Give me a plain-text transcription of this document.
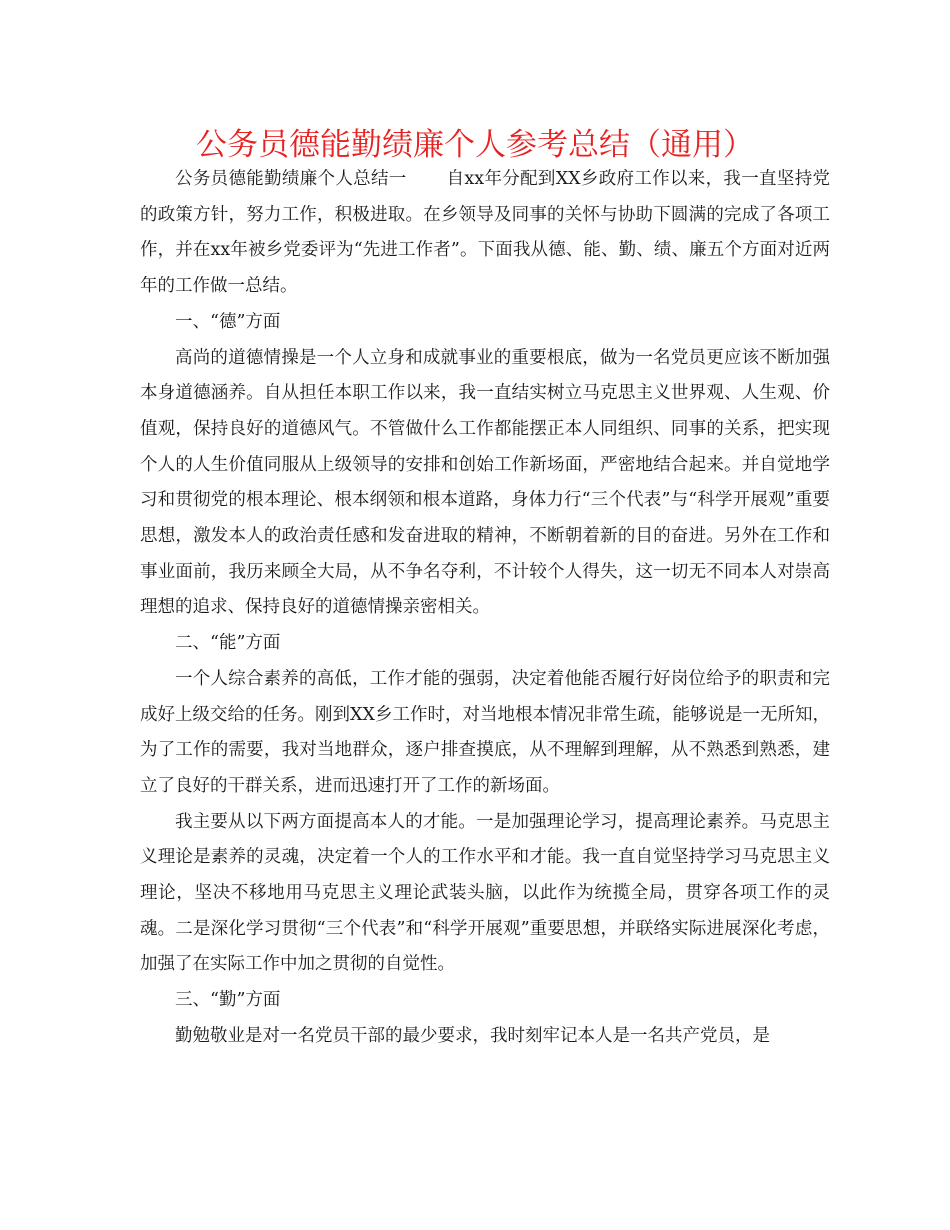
公务员德能勤绩廉个人参考总结（通用）

公务员德能勤绩廉个人总结一 自xx年分配到XX乡政府工作以来，我一直坚持党的政策方针，努力工作，积极进取。在乡领导及同事的关怀与协助下圆满的完成了各项工作，并在xx年被乡党委评为“先进工作者”。下面我从德、能、勤、绩、廉五个方面对近两年的工作做一总结。

一、“德”方面

高尚的道德情操是一个人立身和成就事业的重要根底，做为一名党员更应该不断加强本身道德涵养。自从担任本职工作以来，我一直结实树立马克思主义世界观、人生观、价值观，保持良好的道德风气。不管做什么工作都能摆正本人同组织、同事的关系，把实现个人的人生价值同服从上级领导的安排和创始工作新场面，严密地结合起来。并自觉地学习和贯彻党的根本理论、根本纲领和根本道路，身体力行“三个代表”与“科学开展观”重要思想，激发本人的政治责任感和发奋进取的精神，不断朝着新的目的奋进。另外在工作和事业面前，我历来顾全大局，从不争名夺利，不计较个人得失，这一切无不同本人对崇高理想的追求、保持良好的道德情操亲密相关。

二、“能”方面

一个人综合素养的高低，工作才能的强弱，决定着他能否履行好岗位给予的职责和完成好上级交给的任务。刚到XX乡工作时，对当地根本情况非常生疏，能够说是一无所知，为了工作的需要，我对当地群众，逐户排查摸底，从不理解到理解，从不熟悉到熟悉，建立了良好的干群关系，进而迅速打开了工作的新场面。

我主要从以下两方面提高本人的才能。一是加强理论学习，提高理论素养。马克思主义理论是素养的灵魂，决定着一个人的工作水平和才能。我一直自觉坚持学习马克思主义理论，坚决不移地用马克思主义理论武装头脑，以此作为统揽全局，贯穿各项工作的灵魂。二是深化学习贯彻“三个代表”和“科学开展观”重要思想，并联络实际进展深化考虑，加强了在实际工作中加之贯彻的自觉性。

三、“勤”方面

勤勉敬业是对一名党员干部的最少要求，我时刻牢记本人是一名共产党员，是
